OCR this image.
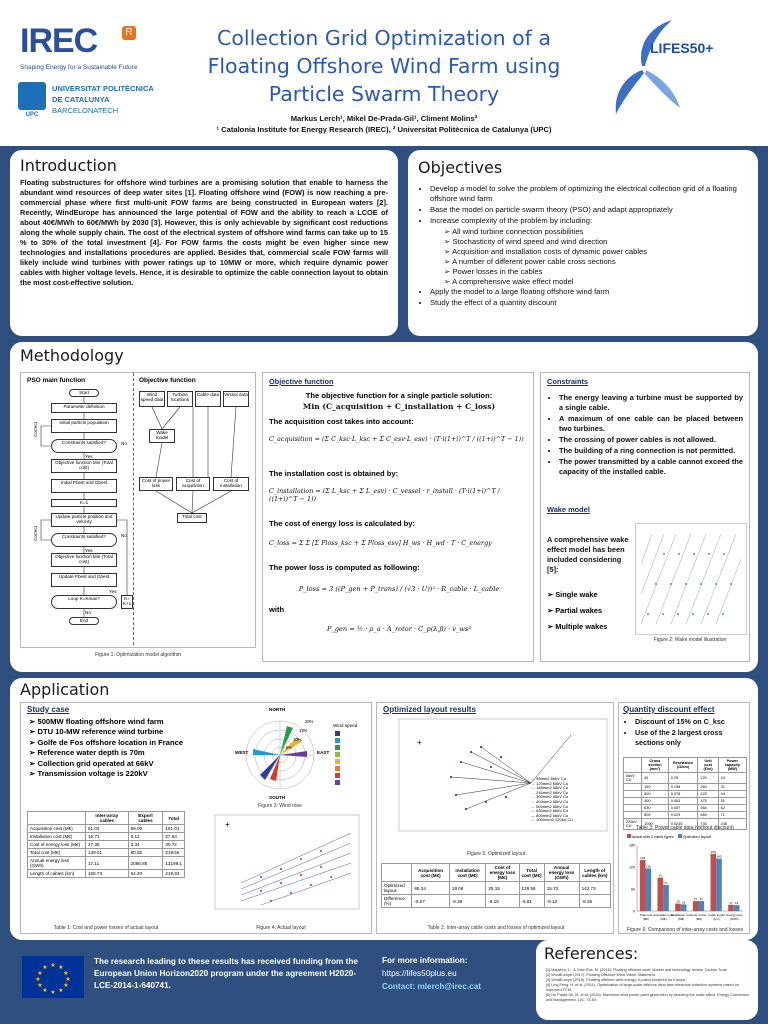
IREC	R
Shaping Energy for a Sustainable Future
UPC
UNIVERSITAT POLITÈCNICA
DE CATALUNYA
BARCELONATECH
Collection Grid Optimization of a
Floating Offshore Wind Farm using
Particle Swarm Theory
Markus Lerch¹, Mikel De-Prada-Gil¹, Climent Molins²
¹ Catalonia Institute for Energy Research (IREC), ² Universitat Politècnica de Catalunya (UPC)
LIFES50+
Introduction
Floating substructures for offshore wind turbines are a promising solution that enable to harness the abundant wind resources of deep water sites [1]. Floating offshore wind (FOW) is now reaching a pre-commercial phase where first multi-unit FOW farms are being constructed in European waters [2]. Recently, WindEurope has announced the large potential of FOW and the ability to reach a LCOE of about 40€/MWh to 60€/MWh by 2030 [3]. However, this is only achievable by significant cost reductions along the whole supply chain. The cost of the electrical system of offshore wind farms can take up to 15 % to 30% of the total investment [4]. For FOW farms the costs might be even higher since new technologies and installations procedures are applied. Besides that, commercial scale FOW farms will likely include wind turbines with power ratings up to 10MW or more, which require dynamic power cables with higher voltage levels. Hence, it is desirable to optimize the cable connection layout to obtain the most cost-effective solution.
Objectives
• Develop a model to solve the problem of optimizing the electrical collection grid of a floating offshore wind farm
• Base the model on particle swarm theory (PSO) and adapt appropriately
• Increase complexity of the problem by including:
➢ All wind turbine connection possibilities
➢ Stochasticity of wind speed and wind direction
➢ Acquisition and installation costs of dynamic power cables
➢ A number of different power cable cross sections
➢ Power losses in the cables
➢ A comprehensive wake effect model
• Apply the model to a large floating offshore wind farm
• Study the effect of a quantity discount
Methodology
PSO main function	Objective function
Start
Parameter definition
Initial particle population
Constraints satisfied?
Objective function Min (Total cost)
Initial Pbest and Gbest
K=1
Update particle position and velocity
Constraints satisfied?
Objective function Min (Total cost)
Update Pbest and Gbest
Loop K=Kmax?	K= K+1
End
Yes
No
Correct
Correct
Yes
No
Yes
No
Wind speed data
Turbine locations
Cable data	Vessel data
Wake model
Cost of power loss
Cost of acquisition
Cost of installation
Total cost
Figure 1: Optimization model algorithm
Objective function
The objective function for a single particle solution:
Min (C_acquisition + C_installation + C_loss)
The acquisition cost takes into account:
C_acquisition = (Σ C_ksc·L_ksc + Σ C_esv·L_esv) · (T·i(1+i)^T / ((1+i)^T − 1))
The installation cost is obtained by:
C_installation = (Σ L_ksc + Σ L_esv) · C_vessel · r_install · (T·i(1+i)^T / ((1+i)^T − 1))
The cost of energy loss is calculated by:
C_loss = Σ Σ [Σ Ploss_ksc + Σ Ploss_esv] H_ws · H_wd · T · C_energy
The power loss is computed as following:
P_loss = 3 ((P_gen + P_trans) / (√3 · U))² · R_cable · L_cable
with
P_gen = ½ · ρ_a · A_rotor · C_p(λ,β) · v_ws³
Constraints
• The energy leaving a turbine must be supported by a single cable.
• A maximum of one cable can be placed between two turbines.
• The crossing of power cables is not allowed.
• The building of a ring connection is not permitted.
• The power transmitted by a cable cannot exceed the capacity of the installed cable.
Wake model
A comprehensive wake effect model has been included considering [5]:
➢ Single wake
➢ Partial wakes
➢ Multiple wakes
Figure 2: Wake model illustration
Application
Study case
➢ 500MW floating offshore wind farm
➢ DTU 10-MW reference wind turbine
➢ Golfe de Fos offshore location in France
➢ Reference water depth is 70m
➢ Collection grid operated at 66kV
➢ Transmission voltage is 220kV
NORTH
SOUTH
WEST	EAST
20%
15%
10%
5%
Wind speed
Figure 3: Wind rose
	Inter-array cables	Export cables	Total
Acquisition cost (M€)	91.02	69.09	161.01
Installation cost (M€)	19.71	8.12	27.83
Cost of energy loss (M€)	27.38	3.34	30.72
Total cost (M€)	139.01	80.55	219.56
Annual energy loss (GWh)	17.11	2086.85	13199.1
Length of cables (km)	155.73	64.20	219.93
Table 1: Cost and power losses of actual layout
+
Figure 4: Actual layout
Optimized layout results
+
— 95mm2 66kV Cu
— 120mm2 66kV Cu
— 185mm2 66kV Cu
— 240mm2 66kV Cu
— 300mm2 66kV Cu
— 400mm2 66kV Cu
— 500mm2 66kV Cu
— 630mm2 66kV Cu
— 800mm2 66kV Cu
— 1000mm2 220kV Cu
Figure 5: Optimized layout
	Acquisition cost (M€)	Installation cost (M€)	Cost of energy loss (M€)	Total cost (M€)	Annual energy loss (GWh)	Length of cables (km)
Optimized layout	86.34	18.06	25.15	129.55	15.72	142.73
Difference (%)	-5.07	-8.36	-8.15	-6.81	-8.12	-8.35
Table 2: Inter-array cable costs and losses of optimized layout
Quantity discount effect
• Discount of 15% on C_ksc
• Use of the 2 largest cross sections only
	Cross section (mm²)	Resistance (Ω/km)	Unit cost (€/m)	Power capacity (MW)
66kV CU	95	0.25	220	24
	150	0.158	260	31
	300	0.078	423	44
	400	0.063	475	51
	630	0.057	554	62
	800	0.029	683	71
220kV CU	1000	0.0245	740	249
Table 3: Power cable data (without discount)
actual with 2 cable types Optimized layout
0
60
120
180
139
116
Total cost
(M€)
91
71
Acquisition cost
(M€)
20 18
Installation cost
(M€)
27 27
Cost of loss
(M€)
156
143
Cable length
(km)
17 16
Energy loss
(GWh)
Figure 6: Comparison of inter-array costs and losses
★ ★
★
★
★
★
★
★
★
★
★
★
The research leading to these results has received funding from the European Union Horizon2020 program under the agreement H2020-LCE-2014-1-640741.
For more information:
https://lifes50plus.eu
Contact: mlerch@irec.cat
References:
[1] Mauléon, L., & Ortiz Ros, M. (2015). Floating offshore wind: Market and technology review. Carbon Trust.
[2] WindEurope (2017). Floating Offshore Wind Vision Statement.
[3] WindEurope (2018). Floating offshore wind energy: A policy blueprint for Europe.
[4] Ling Feng, H. et al. (2011). Optimization of large-scale offshore wind farm electrical collection systems based on improved FCM.
[5] De Prada Gil, M. et al. (2015). Maximum wind power plant generation by reducing the wake effect. Energy Conversion and Management, 101, 73-84.
